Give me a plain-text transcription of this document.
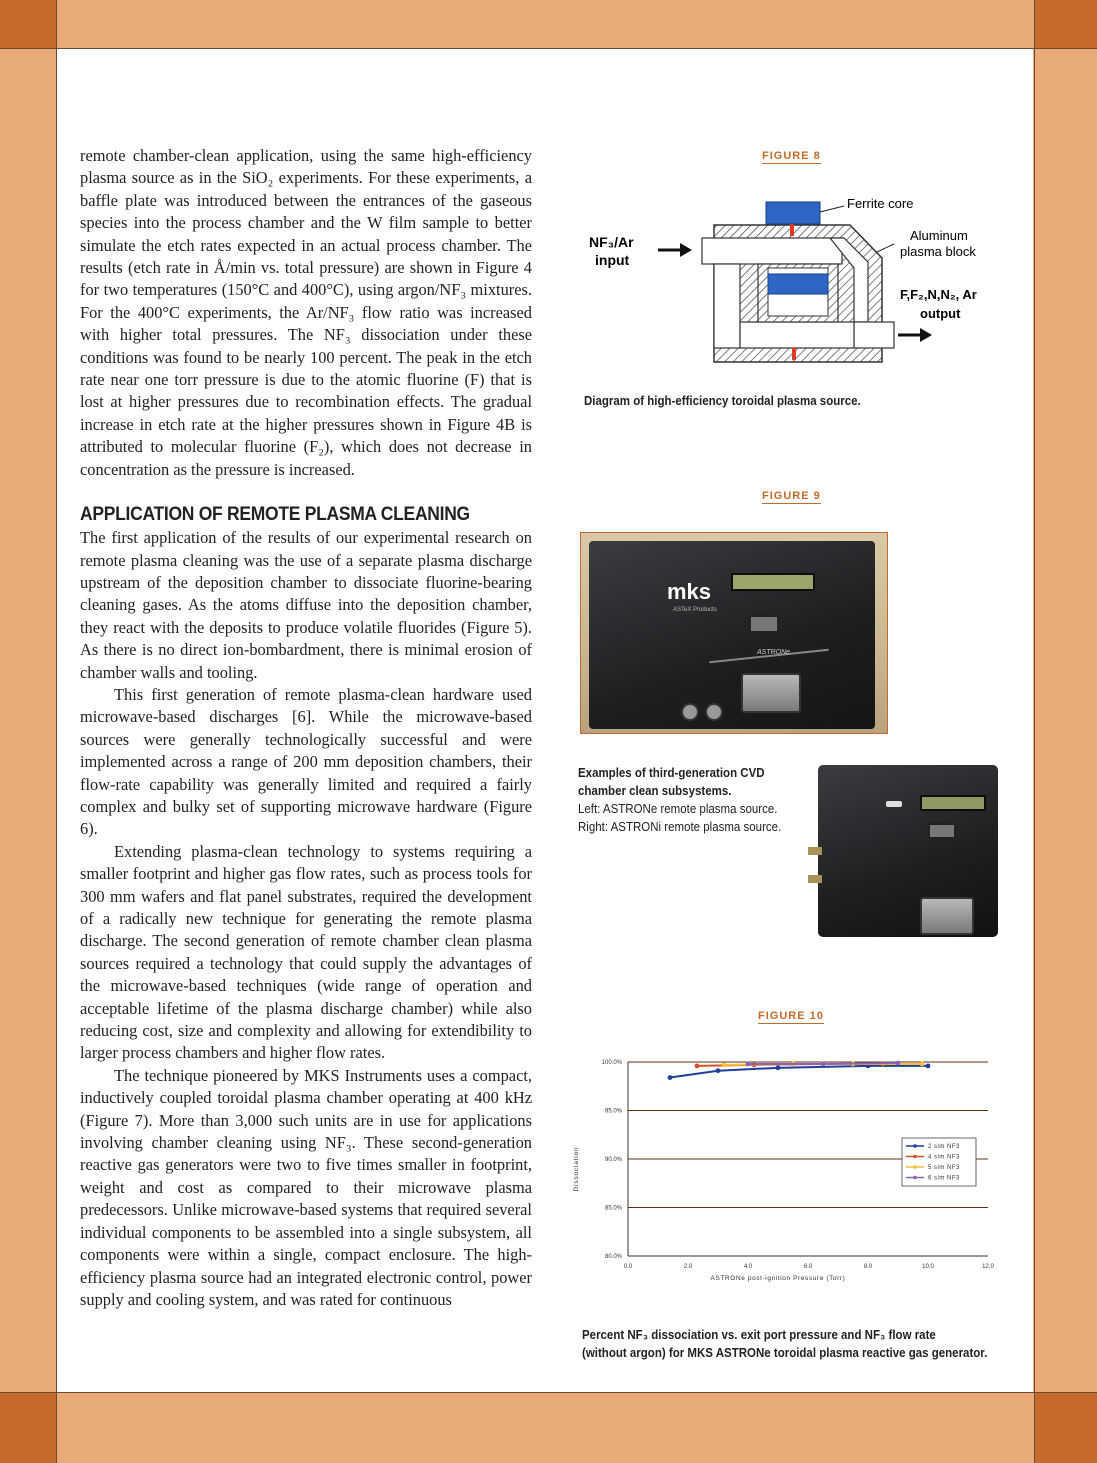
remote chamber-clean application, using the same high-efficiency plasma source as in the SiO₂ experiments. For these experiments, a baffle plate was introduced between the entrances of the gaseous species into the process chamber and the W film sample to better simulate the etch rates expected in an actual process chamber. The results (etch rate in Å/min vs. total pressure) are shown in Figure 4 for two temperatures (150°C and 400°C), using argon/NF₃ mixtures. For the 400°C experiments, the Ar/NF₃ flow ratio was increased with higher total pressures. The NF₃ dissociation under these conditions was found to be nearly 100 percent. The peak in the etch rate near one torr pressure is due to the atomic fluorine (F) that is lost at higher pressures due to recombination effects. The gradual increase in etch rate at the higher pressures shown in Figure 4B is attributed to molecular fluorine (F₂), which does not decrease in concentration as the pressure is increased.

APPLICATION OF REMOTE PLASMA CLEANING

The first application of the results of our experimental research on remote plasma cleaning was the use of a separate plasma discharge upstream of the deposition chamber to dissociate fluorine-bearing cleaning gases. As the atoms diffuse into the deposition chamber, they react with the deposits to produce volatile fluorides (Figure 5). As there is no direct ion-bombardment, there is minimal erosion of chamber walls and tooling.

This first generation of remote plasma-clean hardware used microwave-based discharges [6]. While the microwave-based sources were generally technologically successful and were implemented across a range of 200 mm deposition chambers, their flow-rate capability was generally limited and required a fairly complex and bulky set of supporting microwave hardware (Figure 6).

Extending plasma-clean technology to systems requiring a smaller footprint and higher gas flow rates, such as process tools for 300 mm wafers and flat panel substrates, required the development of a radically new technique for generating the remote plasma discharge. The second generation of remote chamber clean plasma sources required a technology that could supply the advantages of the microwave-based techniques (wide range of operation and acceptable lifetime of the plasma discharge chamber) while also reducing cost, size and complexity and allowing for extendibility to larger process chambers and higher flow rates.

The technique pioneered by MKS Instruments uses a compact, inductively coupled toroidal plasma chamber operating at 400 kHz (Figure 7). More than 3,000 such units are in use for applications involving chamber cleaning using NF₃. These second-generation reactive gas generators were two to five times smaller in footprint, weight and cost as compared to their microwave plasma predecessors. Unlike microwave-based systems that required several individual components to be assembled into a single subsystem, all components were within a single, compact enclosure. The high-efficiency plasma source had an integrated electronic control, power supply and cooling system, and was rated for continuous

FIGURE 8
NF₃/Ar
input
Ferrite core
Aluminum
plasma block
F,F₂,N,N₂, Ar
output
Diagram of high-efficiency toroidal plasma source.
FIGURE 9
mks
ASTeX Products
ASTRONe
Examples of third-generation CVD
chamber clean subsystems.
Left: ASTRONe remote plasma source.
Right: ASTRONi remote plasma source.
FIGURE 10
80.0%
85.0%
90.0%
95.0%
100.0%
0.0	2.0	4.0	6.0	8.0	10.0	12.0
ASTRONe post-ignition Pressure (Torr)
Dissociation	2 slm NF3
4 slm NF3
5 slm NF3
6 slm NF3
Percent NF₃ dissociation vs. exit port pressure and NF₃ flow rate
(without argon) for MKS ASTRONe toroidal plasma reactive gas generator.
